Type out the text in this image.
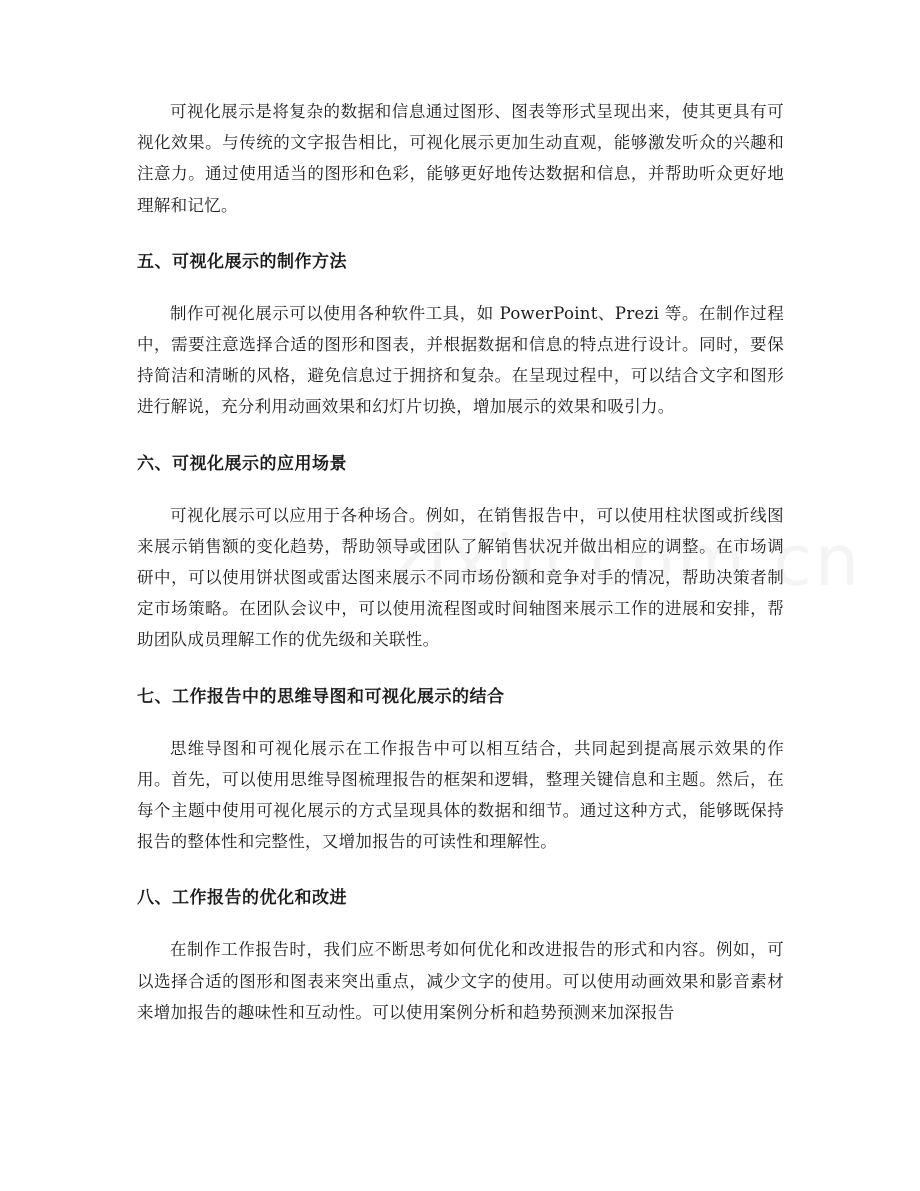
可视化展示是将复杂的数据和信息通过图形、图表等形式呈现出来，使其更具有可视化效果。与传统的文字报告相比，可视化展示更加生动直观，能够激发听众的兴趣和注意力。通过使用适当的图形和色彩，能够更好地传达数据和信息，并帮助听众更好地理解和记忆。

五、可视化展示的制作方法

制作可视化展示可以使用各种软件工具，如 PowerPoint、Prezi 等。在制作过程中，需要注意选择合适的图形和图表，并根据数据和信息的特点进行设计。同时，要保持简洁和清晰的风格，避免信息过于拥挤和复杂。在呈现过程中，可以结合文字和图形进行解说，充分利用动画效果和幻灯片切换，增加展示的效果和吸引力。

六、可视化展示的应用场景

可视化展示可以应用于各种场合。例如，在销售报告中，可以使用柱状图或折线图来展示销售额的变化趋势，帮助领导或团队了解销售状况并做出相应的调整。在市场调研中，可以使用饼状图或雷达图来展示不同市场份额和竞争对手的情况，帮助决策者制定市场策略。在团队会议中，可以使用流程图或时间轴图来展示工作的进展和安排，帮助团队成员理解工作的优先级和关联性。

七、工作报告中的思维导图和可视化展示的结合

思维导图和可视化展示在工作报告中可以相互结合，共同起到提高展示效果的作用。首先，可以使用思维导图梳理报告的框架和逻辑，整理关键信息和主题。然后，在每个主题中使用可视化展示的方式呈现具体的数据和细节。通过这种方式，能够既保持报告的整体性和完整性，又增加报告的可读性和理解性。

八、工作报告的优化和改进

在制作工作报告时，我们应不断思考如何优化和改进报告的形式和内容。例如，可以选择合适的图形和图表来突出重点，减少文字的使用。可以使用动画效果和影音素材来增加报告的趣味性和互动性。可以使用案例分析和趋势预测来加深报告
